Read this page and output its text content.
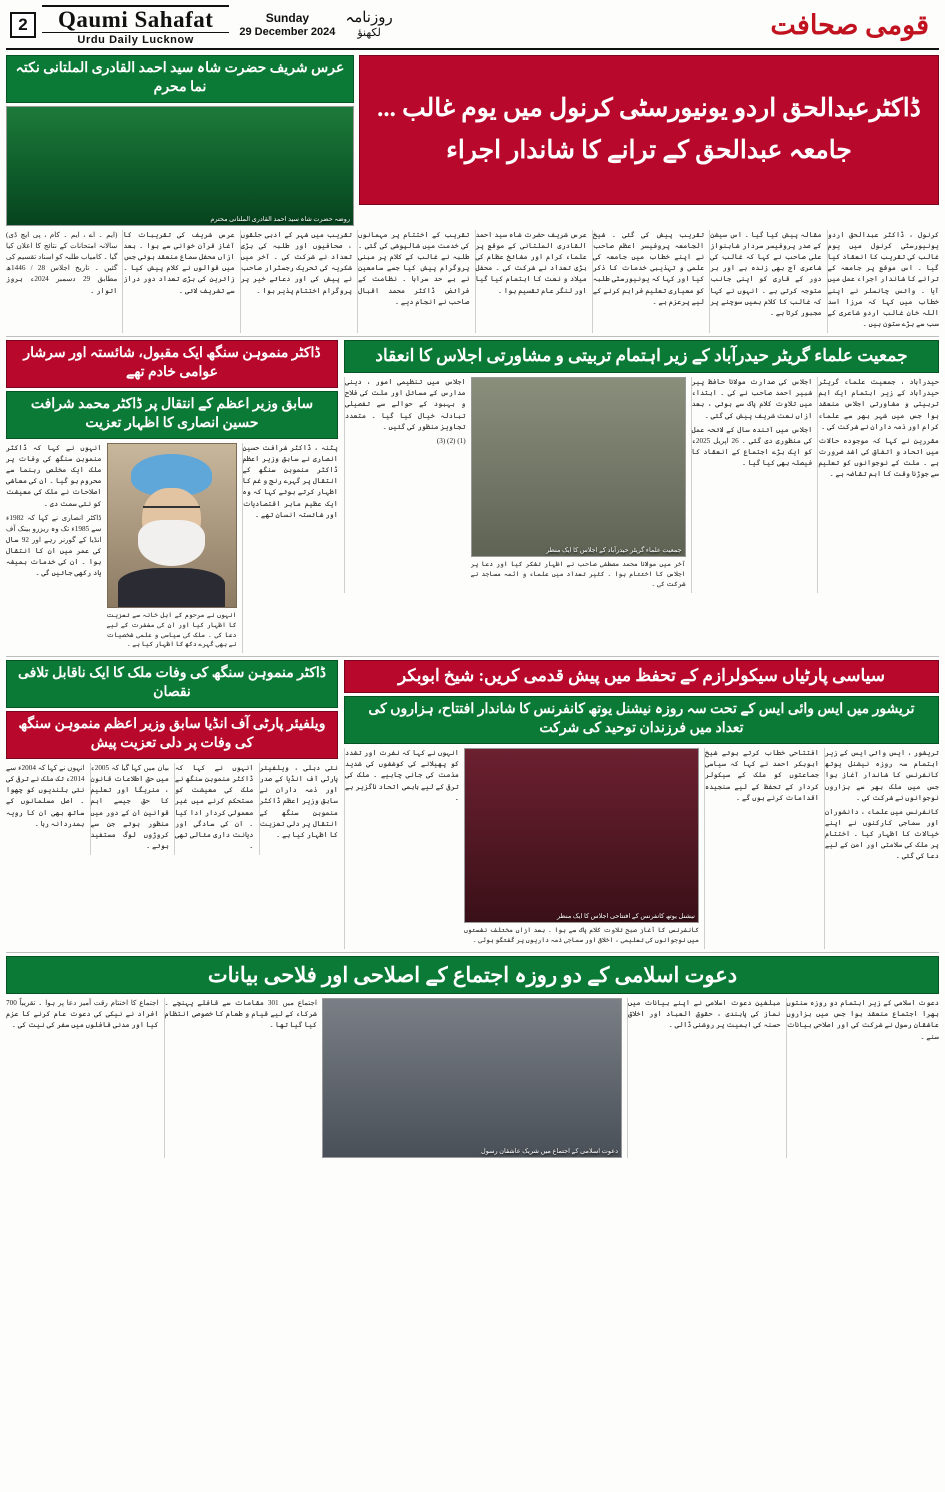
2	Qaumi Sahafat
Urdu Daily Lucknow
Sunday
29 December 2024
روزنامہ
لکھنؤ	قومی صحافت
ڈاکٹرعبدالحق اردو یونیورسٹی کرنول میں یوم غالب ...
جامعہ عبدالحق کے ترانے کا شاندار اجراء
عرس شریف حضرت شاہ سید احمد القادری الملتانی نکتہ نما محرم
روضہ حضرت شاہ سید احمد القادری الملتانی محترم

کرنول ، ڈاکٹر عبدالحق اردو یونیورسٹی کرنول میں یوم غالب کی تقریب کا انعقاد کیا گیا ۔ اس موقع پر جامعہ کے ترانے کا شاندار اجراء عمل میں آیا ۔ وائس چانسلر نے اپنے خطاب میں کہا کہ مرزا اسد اللہ خان غالب اردو شاعری کے سب سے بڑے ستون ہیں ۔

مقالہ پیش کیا گیا ۔ اس سیشن کے صدر پروفیسر سردار شاہنواز علی صاحب نے کہا کہ غالب کی شاعری آج بھی زندہ ہے اور ہر دور کے قاری کو اپنی جانب متوجہ کرتی ہے ۔ انہوں نے کہا کہ غالب کا کلام ہمیں سوچنے پر مجبور کرتا ہے ۔

تقریب پیش کی گئی ۔ شیخ الجامعہ پروفیسر اعظم صاحب نے اپنے خطاب میں جامعہ کی علمی و تہذیبی خدمات کا ذکر کیا اور کہا کہ یونیورسٹی طلبہ کو معیاری تعلیم فراہم کرنے کے لیے پرعزم ہے ۔

عرس شریف حضرت شاہ سید احمد القادری الملتانی کے موقع پر علماء کرام اور مشائخ عظام کی بڑی تعداد نے شرکت کی ۔ محفل میلاد و نعت کا اہتمام کیا گیا اور لنگر عام تقسیم ہوا ۔

تقریب کے اختتام پر مہمانوں کی خدمت میں شالپوشی کی گئی ۔ طلبہ نے غالب کے کلام پر مبنی پروگرام پیش کیا جسے سامعین نے بے حد سراہا ۔ نظامت کے فرائض ڈاکٹر محمد اقبال صاحب نے انجام دیے ۔

تقریب میں شہر کے ادبی حلقوں ، صحافیوں اور طلبہ کی بڑی تعداد نے شرکت کی ۔ آخر میں شکریہ کی تحریک رجسٹرار صاحب نے پیش کی اور دعائے خیر پر پروگرام اختتام پذیر ہوا ۔

عرس شریف کی تقریبات کا آغاز قرآن خوانی سے ہوا ۔ بعد ازاں محفل سماع منعقد ہوئی جس میں قوالوں نے کلام پیش کیا ۔ زائرین کی بڑی تعداد دور دراز سے تشریف لائی ۔

(ایم ۔ اے ، ایم ۔ کام ، پی ایچ ڈی) سالانہ امتحانات کے نتائج کا اعلان کیا گیا ۔ کامیاب طلبہ کو اسناد تقسیم کی گئیں ۔ تاریخ اجلاس 28 / 1446ھ مطابق 29 دسمبر 2024ء بروز اتوار ۔

جمعیت علماء گریٹر حیدرآباد کے زیر اہتمام تربیتی و مشاورتی اجلاس کا انعقاد

حیدرآباد ، جمعیت علماء گریٹر حیدرآباد کے زیر اہتمام ایک اہم تربیتی و مشاورتی اجلاس منعقد ہوا جس میں شہر بھر سے علماء کرام اور ذمہ داران نے شرکت کی ۔

مقررین نے کہا کہ موجودہ حالات میں اتحاد و اتفاق کی اشد ضرورت ہے ۔ ملت کے نوجوانوں کو تعلیم سے جوڑنا وقت کا اہم تقاضہ ہے ۔

اجلاس کی صدارت مولانا حافظ پیر شبیر احمد صاحب نے کی ۔ ابتداء میں تلاوت کلام پاک سے ہوئی ، بعد ازاں نعت شریف پیش کی گئی ۔

اجلاس میں آئندہ سال کے لائحہ عمل کی منظوری دی گئی ۔ 26 اپریل 2025ء کو ایک بڑے اجتماع کے انعقاد کا فیصلہ بھی کیا گیا ۔

جمعیت علماء گریٹر حیدرآباد کے اجلاس کا ایک منظر

آخر میں مولانا محمد مصطفی صاحب نے اظہار تشکر کیا اور دعا پر اجلاس کا اختتام ہوا ۔ کثیر تعداد میں علماء و ائمہ مساجد نے شرکت کی ۔

اجلاس میں تنظیمی امور ، دینی مدارس کے مسائل اور ملت کی فلاح و بہبود کے حوالے سے تفصیلی تبادلہ خیال کیا گیا ۔ متعدد تجاویز منظور کی گئیں ۔

(1) (2) (3)

ڈاکٹر منموہن سنگھ ایک مقبول، شائستہ اور سرشار عوامی خادم تھے
سابق وزیر اعظم کے انتقال پر ڈاکٹر محمد شرافت حسین انصاری کا اظہار تعزیت

پٹنہ ، ڈاکٹر شرافت حسین انصاری نے سابق وزیر اعظم ڈاکٹر منموہن سنگھ کے انتقال پر گہرے رنج و غم کا اظہار کرتے ہوئے کہا کہ وہ ایک عظیم ماہر اقتصادیات اور شائستہ انسان تھے ۔

انہوں نے مرحوم کے اہل خانہ سے تعزیت کا اظہار کیا اور ان کی مغفرت کے لیے دعا کی ۔ ملک کی سیاسی و علمی شخصیات نے بھی گہرے دکھ کا اظہار کیا ہے ۔

انہوں نے کہا کہ ڈاکٹر منموہن سنگھ کی وفات پر ملک ایک مخلص رہنما سے محروم ہو گیا ۔ ان کی معاشی اصلاحات نے ملک کی معیشت کو نئی سمت دی ۔

ڈاکٹر انصاری نے کہا کہ 1982ء سے 1985ء تک وہ ریزرو بینک آف انڈیا کے گورنر رہے اور 92 سال کی عمر میں ان کا انتقال ہوا ۔ ان کی خدمات ہمیشہ یاد رکھی جائیں گی ۔

سیاسی پارٹیاں سیکولرازم کے تحفظ میں پیش قدمی کریں: شیخ ابوبکر
تریشور میں ایس وائی ایس کے تحت سہ روزہ نیشنل یوتھ کانفرنس کا شاندار افتتاح، ہزاروں کی تعداد میں فرزندان توحید کی شرکت

تریشور ، ایس وائی ایس کے زیر اہتمام سہ روزہ نیشنل یوتھ کانفرنس کا شاندار آغاز ہوا جس میں ملک بھر سے ہزاروں نوجوانوں نے شرکت کی ۔

کانفرنس میں علماء ، دانشوران اور سماجی کارکنوں نے اپنے خیالات کا اظہار کیا ۔ اختتام پر ملک کی سلامتی اور امن کے لیے دعا کی گئی ۔

افتتاحی خطاب کرتے ہوئے شیخ ابوبکر احمد نے کہا کہ سیاسی جماعتوں کو ملک کے سیکولر کردار کے تحفظ کے لیے سنجیدہ اقدامات کرنے ہوں گے ۔

نیشنل یوتھ کانفرنس کے افتتاحی اجلاس کا ایک منظر

کانفرنس کا آغاز صبح تلاوت کلام پاک سے ہوا ۔ بعد ازاں مختلف نشستوں میں نوجوانوں کی تعلیمی ، اخلاقی اور سماجی ذمہ داریوں پر گفتگو ہوئی ۔

انہوں نے کہا کہ نفرت اور تشدد کو پھیلانے کی کوششوں کی شدید مذمت کی جانی چاہیے ۔ ملک کی ترقی کے لیے باہمی اتحاد ناگزیر ہے ۔

ڈاکٹر منموہن سنگھ کی وفات ملک کا ایک ناقابل تلافی نقصان
ویلفیئر پارٹی آف انڈیا سابق وزیر اعظم منموہن سنگھ کی وفات پر دلی تعزیت پیش

نئی دہلی ، ویلفیئر پارٹی آف انڈیا کے صدر اور ذمہ داران نے سابق وزیر اعظم ڈاکٹر منموہن سنگھ کے انتقال پر دلی تعزیت کا اظہار کیا ہے ۔

انہوں نے کہا کہ ڈاکٹر منموہن سنگھ نے ملک کی معیشت کو مستحکم کرنے میں غیر معمولی کردار ادا کیا ۔ ان کی سادگی اور دیانت داری مثالی تھی ۔

بیان میں کہا گیا کہ 2005ء میں حق اطلاعات قانون ، منریگا اور تعلیم کا حق جیسے اہم قوانین ان کے دور میں منظور ہوئے جن سے کروڑوں لوگ مستفید ہوئے ۔

انہوں نے کہا کہ 2004ء سے 2014ء تک ملک نے ترقی کی نئی بلندیوں کو چھوا ۔ اصل مسلمانوں کے ساتھ بھی ان کا رویہ ہمدردانہ رہا ۔

دعوت اسلامی کے دو روزہ اجتماع کے اصلاحی اور فلاحی بیانات

دعوت اسلامی کے زیر اہتمام دو روزہ سنتوں بھرا اجتماع منعقد ہوا جس میں ہزاروں عاشقان رسول نے شرکت کی اور اصلاحی بیانات سنے ۔

مبلغین دعوت اسلامی نے اپنے بیانات میں نماز کی پابندی ، حقوق العباد اور اخلاق حسنہ کی اہمیت پر روشنی ڈالی ۔

دعوت اسلامی کے اجتماع میں شریک عاشقان رسول

اجتماع میں 301 مقامات سے قافلے پہنچے ۔ شرکاء کے لیے قیام و طعام کا خصوصی انتظام کیا گیا تھا ۔

اجتماع کا اختتام رقت آمیز دعا پر ہوا ۔ تقریباً 700 افراد نے نیکی کی دعوت عام کرنے کا عزم کیا اور مدنی قافلوں میں سفر کی نیت کی ۔
